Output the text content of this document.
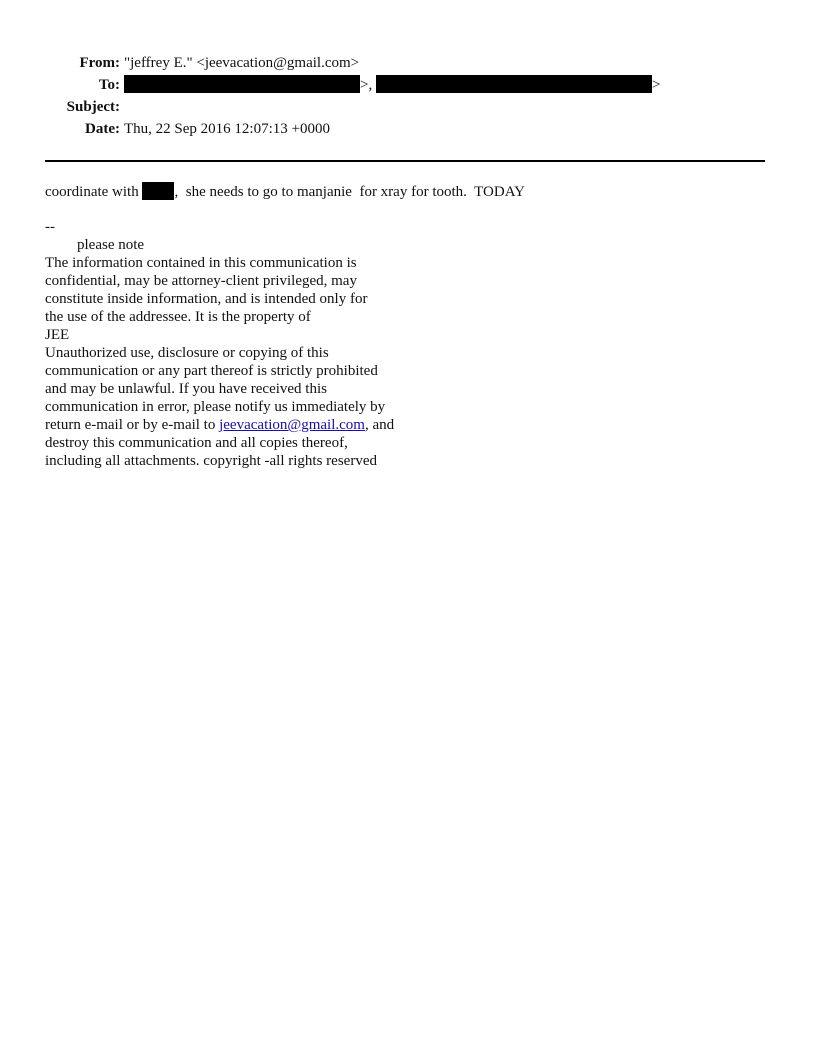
From: "jeffrey E." <jeevacation@gmail.com>
To:	>,	>
Subject:
Date: Thu, 22 Sep 2016 12:07:13 +0000
coordinate with ,  she needs to go to manjanie  for xray for tooth.  TODAY
--
please note
The information contained in this communication is
confidential, may be attorney-client privileged, may
constitute inside information, and is intended only for
the use of the addressee. It is the property of
JEE
Unauthorized use, disclosure or copying of this
communication or any part thereof is strictly prohibited
and may be unlawful. If you have received this
communication in error, please notify us immediately by
return e-mail or by e-mail to jeevacation@gmail.com, and
destroy this communication and all copies thereof,
including all attachments. copyright -all rights reserved
